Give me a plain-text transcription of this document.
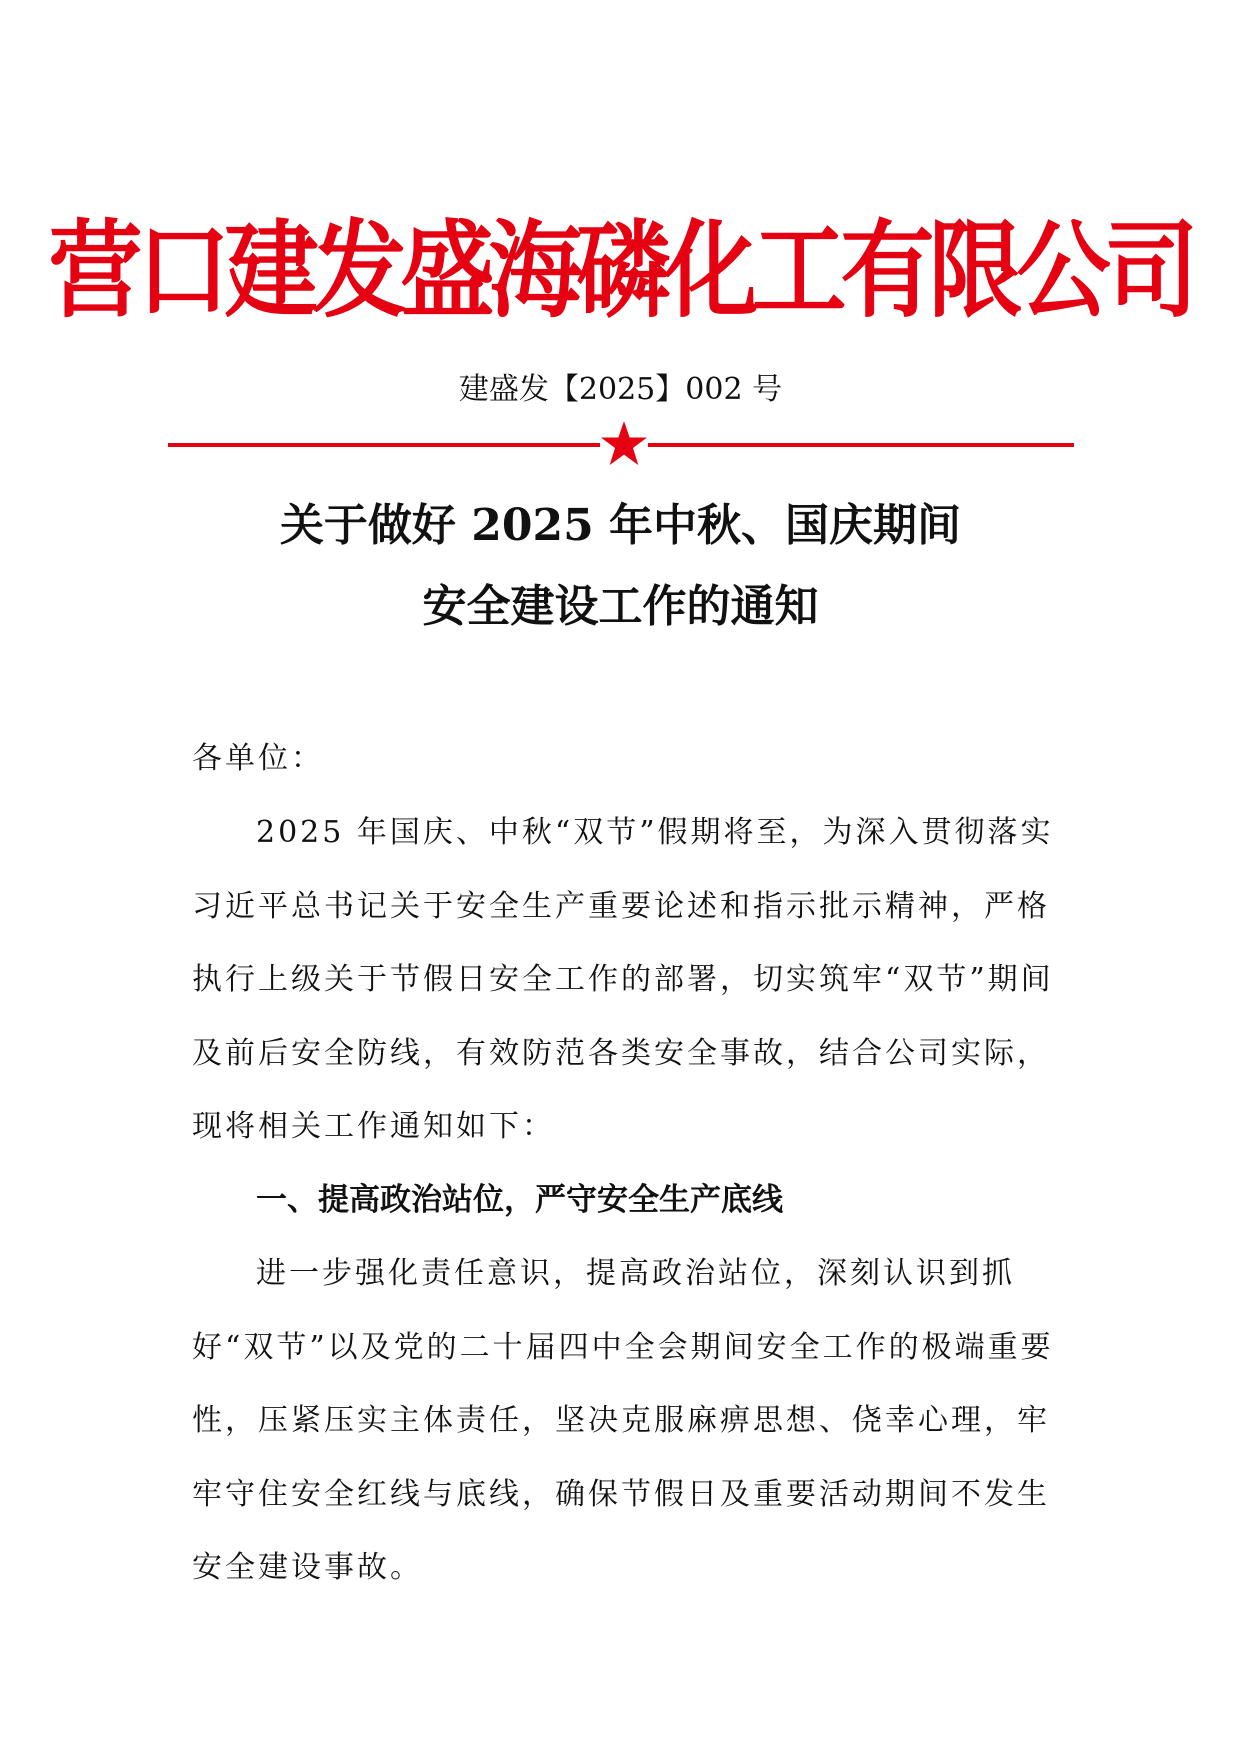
营口建发盛海磷化工有限公司
建盛发【2025】002 号
关于做好 2025 年中秋、国庆期间
安全建设工作的通知

各单位：

2025 年国庆、中秋“双节”假期将至，为深入贯彻落实习近平总书记关于安全生产重要论述和指示批示精神，严格执行上级关于节假日安全工作的部署，切实筑牢“双节”期间及前后安全防线，有效防范各类安全事故，结合公司实际，现将相关工作通知如下：

一、提高政治站位，严守安全生产底线

进一步强化责任意识，提高政治站位，深刻认识到抓好“双节”以及党的二十届四中全会期间安全工作的极端重要性，压紧压实主体责任，坚决克服麻痹思想、侥幸心理，牢牢守住安全红线与底线，确保节假日及重要活动期间不发生安全建设事故。
